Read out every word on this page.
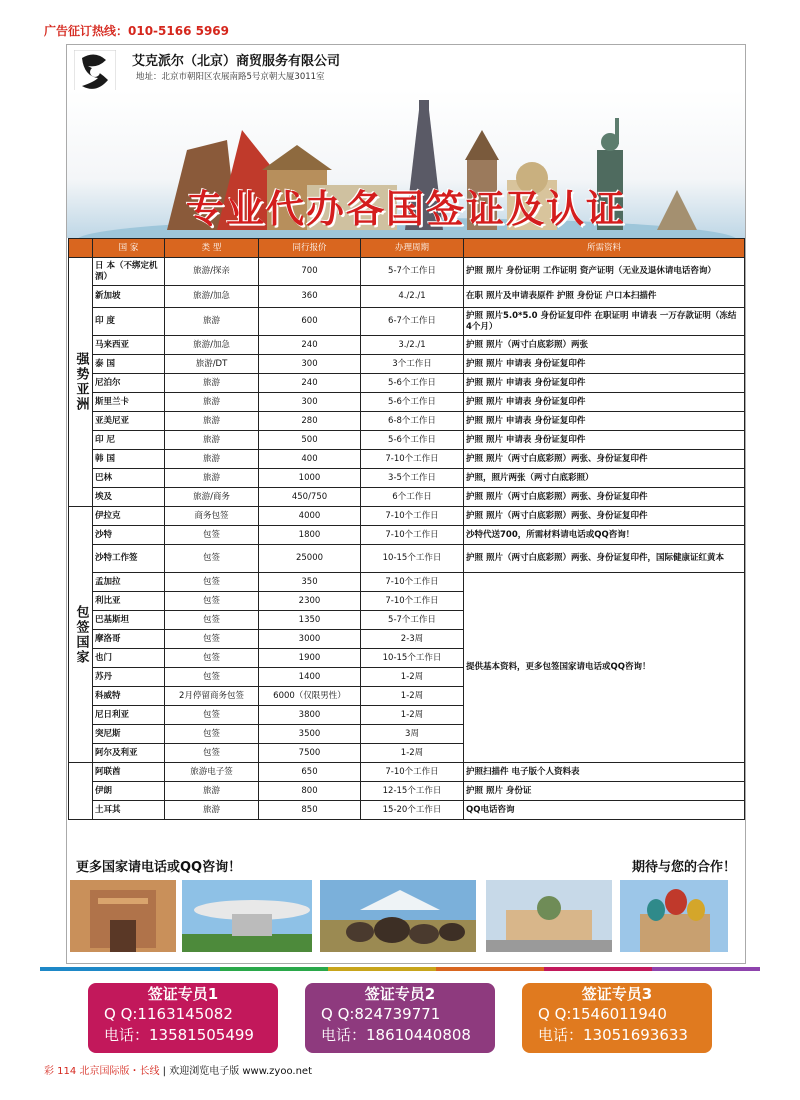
广告征订热线：010-5166 5969
艾克派尔（北京）商贸服务有限公司
地址：北京市朝阳区农展南路5号京朝大厦3011室
专业代办各国签证及认证
	国 家	类 型	同行报价	办理周期	所需资料
强势亚洲	日 本（不绑定机酒）	旅游/探亲	700	5-7个工作日	护照 照片 身份证明 工作证明 资产证明（无业及退休请电话咨询）
	新加坡	旅游/加急	360	4./2./1	在职 照片及申请表原件 护照 身份证 户口本扫描件
	印 度	旅游	600	6-7个工作日	护照 照片5.0*5.0 身份证复印件 在职证明 申请表 一万存款证明（冻结4个月）
	马来西亚	旅游/加急	240	3./2./1	护照 照片（两寸白底彩照）两张
	泰 国	旅游/DT	300	3个工作日	护照 照片 申请表 身份证复印件
	尼泊尔	旅游	240	5-6个工作日	护照 照片 申请表 身份证复印件
	斯里兰卡	旅游	300	5-6个工作日	护照 照片 申请表 身份证复印件
	亚美尼亚	旅游	280	6-8个工作日	护照 照片 申请表 身份证复印件
	印 尼	旅游	500	5-6个工作日	护照 照片 申请表 身份证复印件
	韩 国	旅游	400	7-10个工作日	护照 照片（两寸白底彩照）两张、身份证复印件
	巴林	旅游	1000	3-5个工作日	护照，照片两张（两寸白底彩照）
	埃及	旅游/商务	450/750	6个工作日	护照 照片（两寸白底彩照）两张、身份证复印件
包签国家	伊拉克	商务包签	4000	7-10个工作日	护照 照片（两寸白底彩照）两张、身份证复印件
	沙特	包签	1800	7-10个工作日	沙特代送700，所需材料请电话或QQ咨询！
	沙特工作签	包签	25000	10-15个工作日	护照 照片（两寸白底彩照）两张、身份证复印件，国际健康证红黄本
	孟加拉	包签	350	7-10个工作日	提供基本资料，更多包签国家请电话或QQ咨询！
	利比亚	包签	2300	7-10个工作日	
	巴基斯坦	包签	1350	5-7个工作日	
	摩洛哥	包签	3000	2-3周	
	也门	包签	1900	10-15个工作日	
	苏丹	包签	1400	1-2周	
	科威特	2月停留商务包签	6000（仅限男性）	1-2周	
	尼日利亚	包签	3800	1-2周	
	突尼斯	包签	3500	3周	
	阿尔及利亚	包签	7500	1-2周	
	阿联酋	旅游电子签	650	7-10个工作日	护照扫描件 电子版个人资料表
	伊朗	旅游	800	12-15个工作日	护照 照片 身份证
	土耳其	旅游	850	15-20个工作日	QQ电话咨询
更多国家请电话或QQ咨询！	期待与您的合作！
签证专员1
Q Q:1163145082
电话：13581505499
签证专员2
Q Q:824739771
电话：18610440808
签证专员3
Q Q:1546011940
电话：13051693633
彩 114 北京国际版・长线 | 欢迎浏览电子版 www.zyoo.net
